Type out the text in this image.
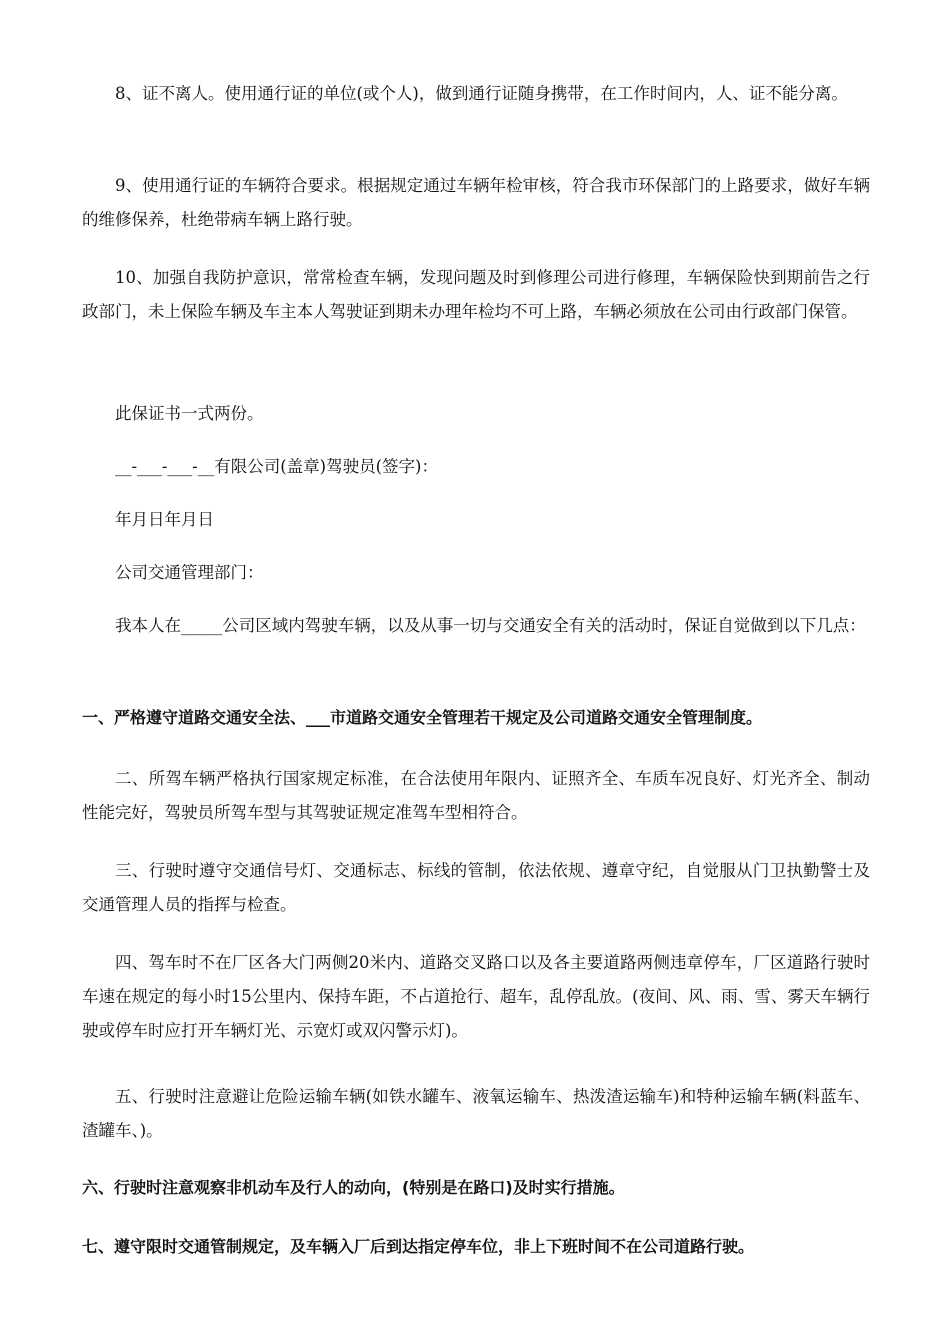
8、证不离人。使用通行证的单位(或个人)，做到通行证随身携带，在工作时间内，人、证不能分离。

9、使用通行证的车辆符合要求。根据规定通过车辆年检审核，符合我市环保部门的上路要求，做好车辆的维修保养，杜绝带病车辆上路行驶。

10、加强自我防护意识，常常检查车辆，发现问题及时到修理公司进行修理，车辆保险快到期前告之行政部门，未上保险车辆及车主本人驾驶证到期未办理年检均不可上路，车辆必须放在公司由行政部门保管。

此保证书一式两份。

__-___-___-__有限公司(盖章)驾驶员(签字)：

年月日年月日

公司交通管理部门：

我本人在_____公司区域内驾驶车辆，以及从事一切与交通安全有关的活动时，保证自觉做到以下几点：

一、严格遵守道路交通安全法、___市道路交通安全管理若干规定及公司道路交通安全管理制度。

二、所驾车辆严格执行国家规定标准，在合法使用年限内、证照齐全、车质车况良好、灯光齐全、制动性能完好，驾驶员所驾车型与其驾驶证规定准驾车型相符合。

三、行驶时遵守交通信号灯、交通标志、标线的管制，依法依规、遵章守纪，自觉服从门卫执勤警士及交通管理人员的指挥与检查。

四、驾车时不在厂区各大门两侧20米内、道路交叉路口以及各主要道路两侧违章停车，厂区道路行驶时车速在规定的每小时15公里内、保持车距，不占道抢行、超车，乱停乱放。(夜间、风、雨、雪、雾天车辆行驶或停车时应打开车辆灯光、示宽灯或双闪警示灯)。

五、行驶时注意避让危险运输车辆(如铁水罐车、液氧运输车、热泼渣运输车)和特种运输车辆(料蓝车、渣罐车、)。

六、行驶时注意观察非机动车及行人的动向，(特别是在路口)及时实行措施。

七、遵守限时交通管制规定，及车辆入厂后到达指定停车位，非上下班时间不在公司道路行驶。
